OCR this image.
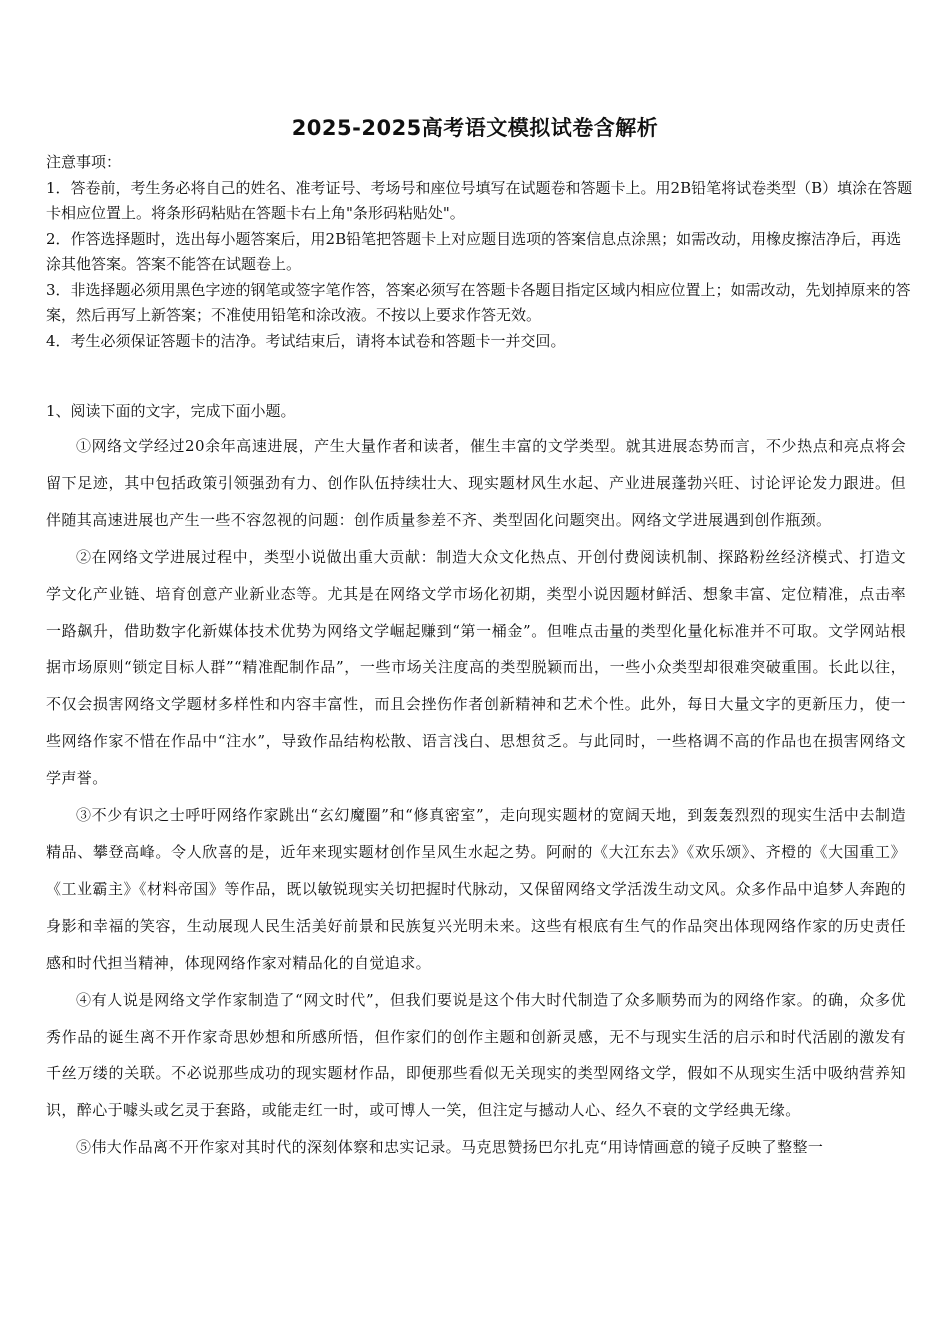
2025-2025高考语文模拟试卷含解析

注意事项：

1．答卷前，考生务必将自己的姓名、准考证号、考场号和座位号填写在试题卷和答题卡上。用2B铅笔将试卷类型（B）填涂在答题卡相应位置上。将条形码粘贴在答题卡右上角"条形码粘贴处"。

2．作答选择题时，选出每小题答案后，用2B铅笔把答题卡上对应题目选项的答案信息点涂黑；如需改动，用橡皮擦洁净后，再选涂其他答案。答案不能答在试题卷上。

3．非选择题必须用黑色字迹的钢笔或签字笔作答，答案必须写在答题卡各题目指定区域内相应位置上；如需改动，先划掉原来的答案，然后再写上新答案；不准使用铅笔和涂改液。不按以上要求作答无效。

4．考生必须保证答题卡的洁净。考试结束后，请将本试卷和答题卡一并交回。

1、阅读下面的文字，完成下面小题。

①网络文学经过20余年高速进展，产生大量作者和读者，催生丰富的文学类型。就其进展态势而言，不少热点和亮点将会留下足迹，其中包括政策引领强劲有力、创作队伍持续壮大、现实题材风生水起、产业进展蓬勃兴旺、讨论评论发力跟进。但伴随其高速进展也产生一些不容忽视的问题：创作质量参差不齐、类型固化问题突出。网络文学进展遇到创作瓶颈。

②在网络文学进展过程中，类型小说做出重大贡献：制造大众文化热点、开创付费阅读机制、探路粉丝经济模式、打造文学文化产业链、培育创意产业新业态等。尤其是在网络文学市场化初期，类型小说因题材鲜活、想象丰富、定位精准，点击率一路飙升，借助数字化新媒体技术优势为网络文学崛起赚到“第一桶金”。但唯点击量的类型化量化标准并不可取。文学网站根据市场原则“锁定目标人群”“精准配制作品”，一些市场关注度高的类型脱颖而出，一些小众类型却很难突破重围。长此以往，不仅会损害网络文学题材多样性和内容丰富性，而且会挫伤作者创新精神和艺术个性。此外，每日大量文字的更新压力，使一些网络作家不惜在作品中“注水”，导致作品结构松散、语言浅白、思想贫乏。与此同时，一些格调不高的作品也在损害网络文学声誉。

③不少有识之士呼吁网络作家跳出“玄幻魔圈”和“修真密室”，走向现实题材的宽阔天地，到轰轰烈烈的现实生活中去制造精品、攀登高峰。令人欣喜的是，近年来现实题材创作呈风生水起之势。阿耐的《大江东去》《欢乐颂》、齐橙的《大国重工》《工业霸主》《材料帝国》等作品，既以敏锐现实关切把握时代脉动，又保留网络文学活泼生动文风。众多作品中追梦人奔跑的身影和幸福的笑容，生动展现人民生活美好前景和民族复兴光明未来。这些有根底有生气的作品突出体现网络作家的历史责任感和时代担当精神，体现网络作家对精品化的自觉追求。

④有人说是网络文学作家制造了“网文时代”，但我们要说是这个伟大时代制造了众多顺势而为的网络作家。的确，众多优秀作品的诞生离不开作家奇思妙想和所感所悟，但作家们的创作主题和创新灵感，无不与现实生活的启示和时代活剧的激发有千丝万缕的关联。不必说那些成功的现实题材作品，即便那些看似无关现实的类型网络文学，假如不从现实生活中吸纳营养知识，醉心于噱头或乞灵于套路，或能走红一时，或可博人一笑，但注定与撼动人心、经久不衰的文学经典无缘。

⑤伟大作品离不开作家对其时代的深刻体察和忠实记录。马克思赞扬巴尔扎克“用诗情画意的镜子反映了整整一
